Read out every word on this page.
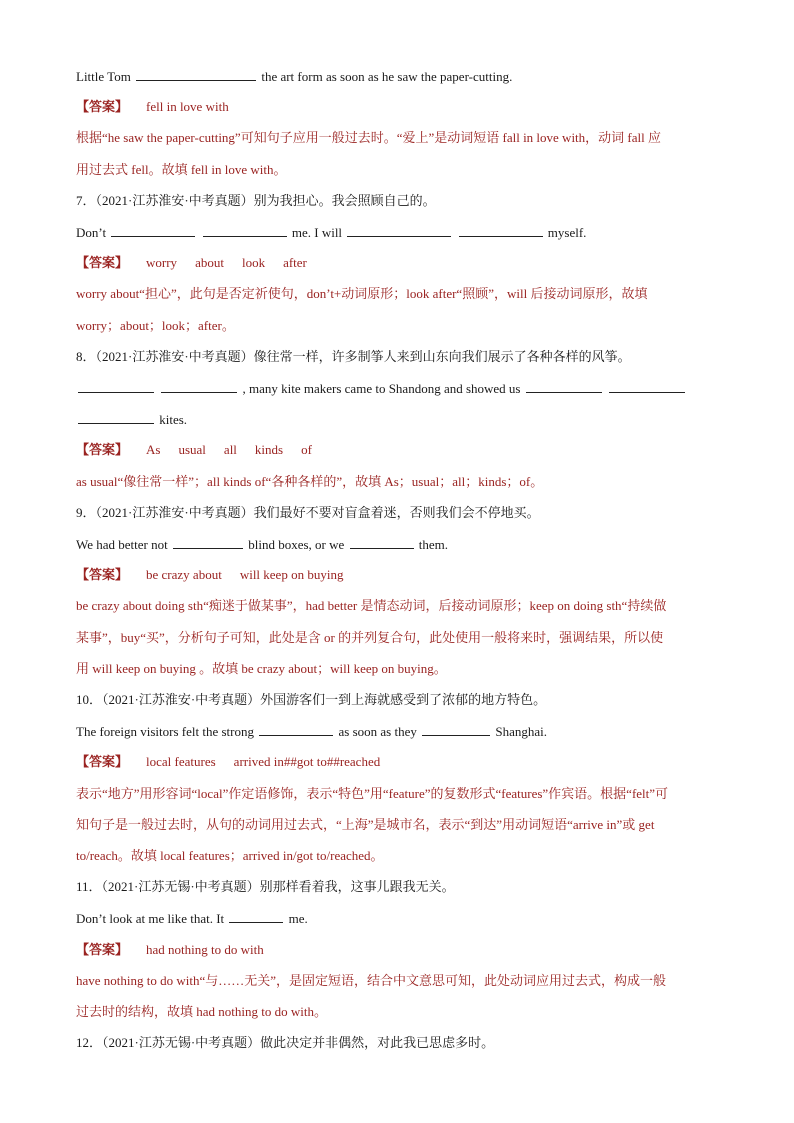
Little Tom	the art form as soon as he saw the paper-cutting.
【答案】 fell in love with
根据“he saw the paper-cutting”可知句子应用一般过去时。“爱上”是动词短语 fall in love with，动词 fall 应
用过去式 fell。故填 fell in love with。
7．（2021·江苏淮安·中考真题）别为我担心。我会照顾自己的。
Don’t	me. I will	myself.
【答案】 worry about look after
worry about“担心”，此句是否定祈使句，don’t+动词原形；look after“照顾”，will 后接动词原形，故填
worry；about；look；after。
8．（2021·江苏淮安·中考真题）像往常一样，许多制筝人来到山东向我们展示了各种各样的风筝。
, many kite makers came to Shandong and showed us
kites.
【答案】 As usual all kinds of
as usual“像往常一样”；all kinds of“各种各样的”，故填 As；usual；all；kinds；of。
9．（2021·江苏淮安·中考真题）我们最好不要对盲盒着迷，否则我们会不停地买。
We had better not	blind boxes, or we	them.
【答案】 be crazy about will keep on buying
be crazy about doing sth“痴迷于做某事”，had better 是情态动词，后接动词原形；keep on doing sth“持续做
某事”，buy“买”，分析句子可知，此处是含 or 的并列复合句，此处使用一般将来时，强调结果，所以使
用 will keep on buying 。故填 be crazy about；will keep on buying。
10．（2021·江苏淮安·中考真题）外国游客们一到上海就感受到了浓郁的地方特色。
The foreign visitors felt the strong	as soon as they	Shanghai.
【答案】 local features arrived in##got to##reached
表示“地方”用形容词“local”作定语修饰，表示“特色”用“feature”的复数形式“features”作宾语。根据“felt”可
知句子是一般过去时，从句的动词用过去式，“上海”是城市名，表示“到达”用动词短语“arrive in”或 get
to/reach。故填 local features；arrived in/got to/reached。
11．（2021·江苏无锡·中考真题）别那样看着我，这事儿跟我无关。
Don’t look at me like that. It	me.
【答案】 had nothing to do with
have nothing to do with“与……无关”，是固定短语，结合中文意思可知，此处动词应用过去式，构成一般
过去时的结构，故填 had nothing to do with。
12．（2021·江苏无锡·中考真题）做此决定并非偶然，对此我已思虑多时。
